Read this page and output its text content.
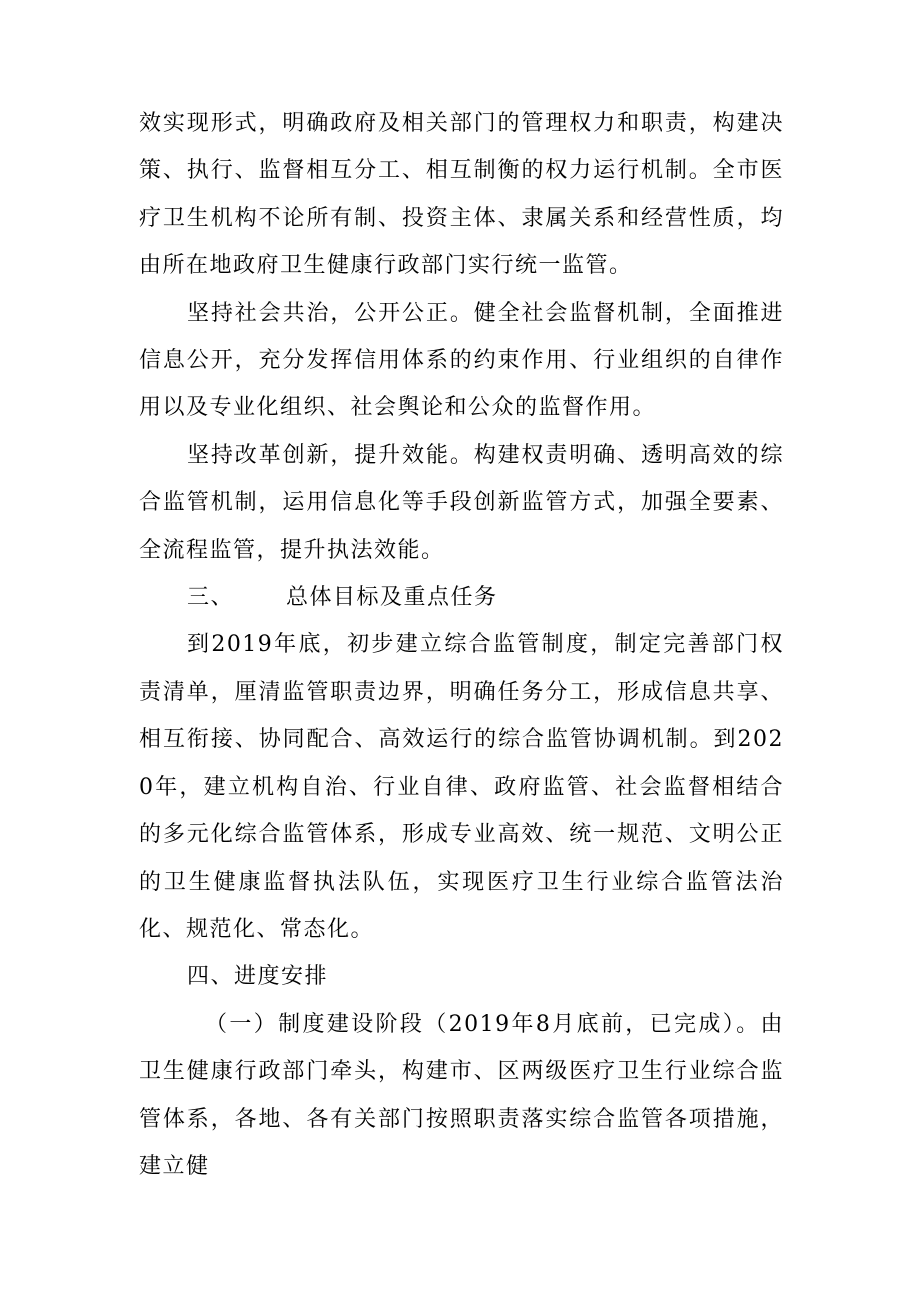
效实现形式，明确政府及相关部门的管理权力和职责，构建决策、执行、监督相互分工、相互制衡的权力运行机制。全市医疗卫生机构不论所有制、投资主体、隶属关系和经营性质，均由所在地政府卫生健康行政部门实行统一监管。

坚持社会共治，公开公正。健全社会监督机制，全面推进信息公开，充分发挥信用体系的约束作用、行业组织的自律作用以及专业化组织、社会舆论和公众的监督作用。

坚持改革创新，提升效能。构建权责明确、透明高效的综合监管机制，运用信息化等手段创新监管方式，加强全要素、全流程监管，提升执法效能。

三、 总体目标及重点任务

到2019年底，初步建立综合监管制度，制定完善部门权责清单，厘清监管职责边界，明确任务分工，形成信息共享、相互衔接、协同配合、高效运行的综合监管协调机制。到2020年，建立机构自治、行业自律、政府监管、社会监督相结合的多元化综合监管体系，形成专业高效、统一规范、文明公正的卫生健康监督执法队伍，实现医疗卫生行业综合监管法治化、规范化、常态化。

四、进度安排

（一）制度建设阶段（2019年8月底前，已完成）。由卫生健康行政部门牵头，构建市、区两级医疗卫生行业综合监管体系，各地、各有关部门按照职责落实综合监管各项措施，建立健
